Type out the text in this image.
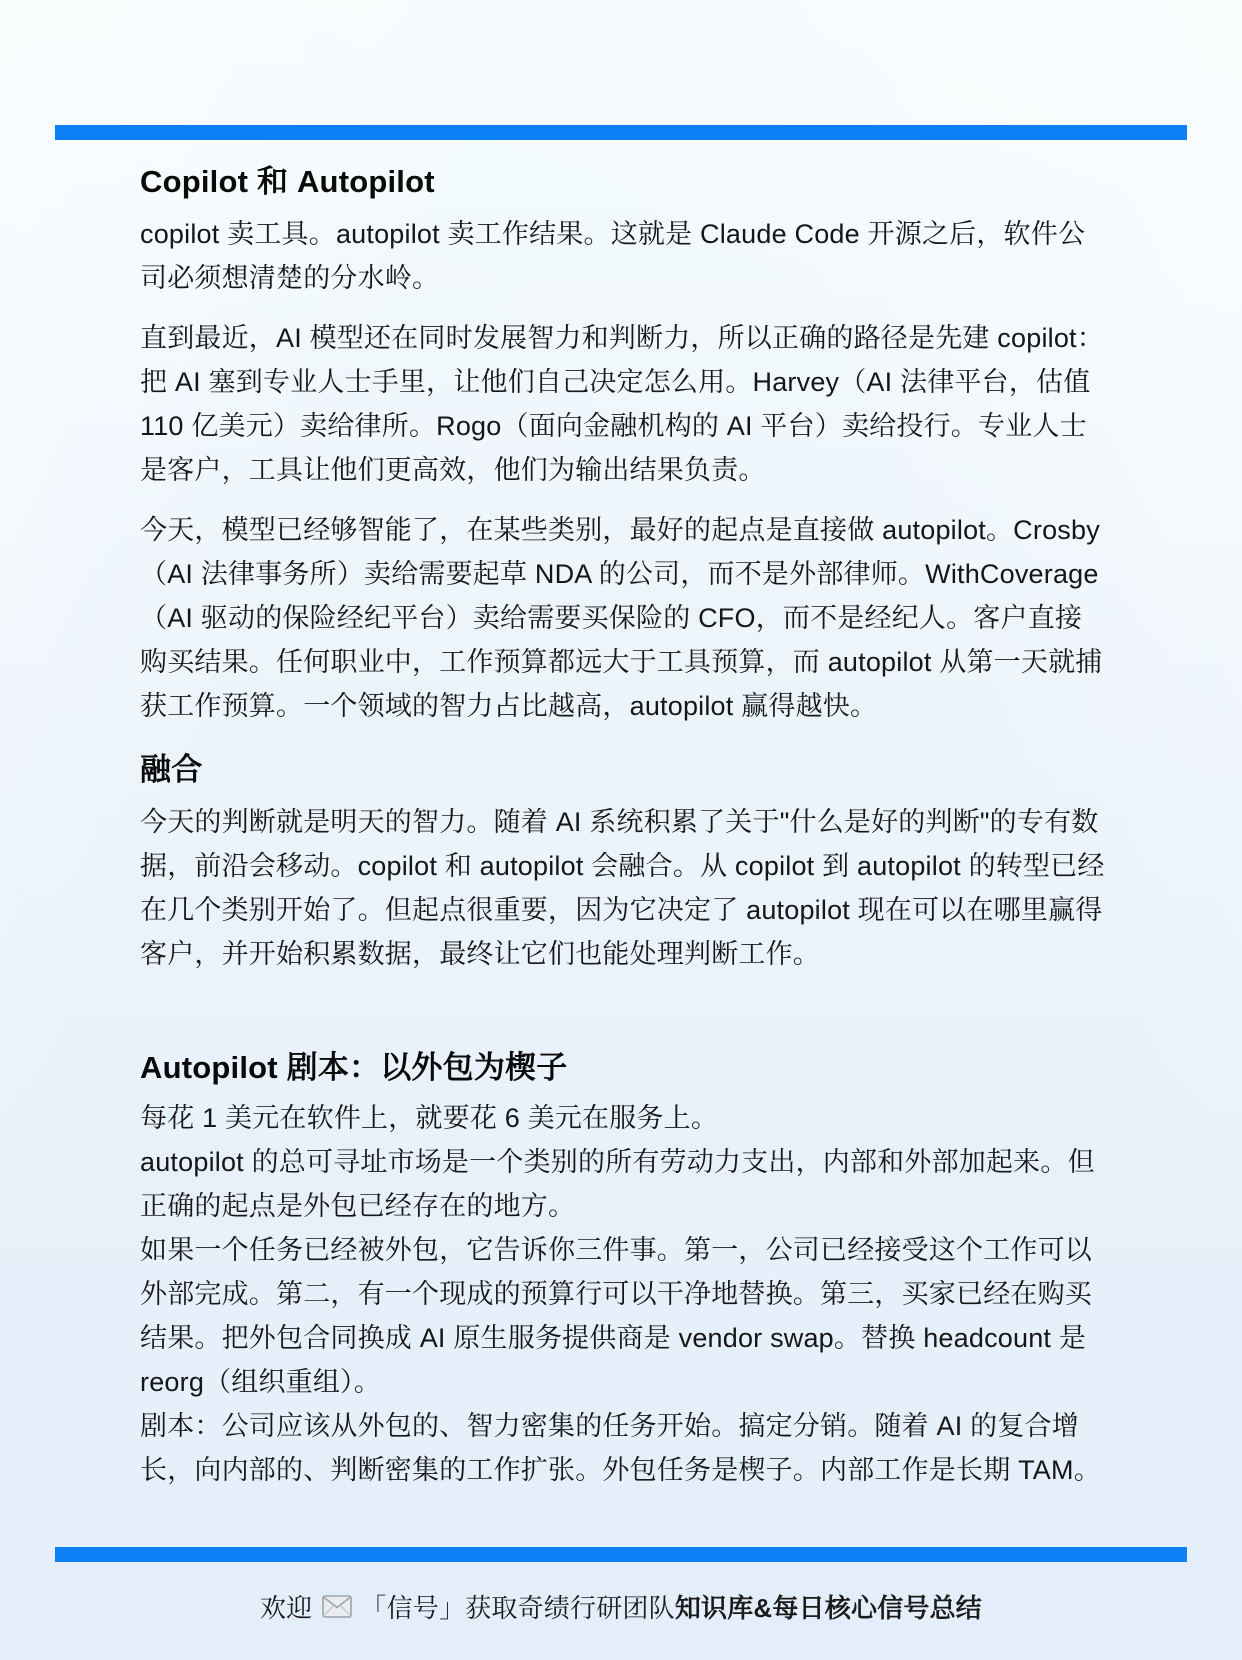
Copilot 和 Autopilot

copilot 卖工具。autopilot 卖工作结果。这就是 Claude Code 开源之后，软件公司必须想清楚的分水岭。

直到最近，AI 模型还在同时发展智力和判断力，所以正确的路径是先建 copilot：把 AI 塞到专业人士手里，让他们自己决定怎么用。Harvey（AI 法律平台，估值 110 亿美元）卖给律所。Rogo（面向金融机构的 AI 平台）卖给投行。专业人士是客户，工具让他们更高效，他们为输出结果负责。

今天，模型已经够智能了，在某些类别，最好的起点是直接做 autopilot。Crosby（AI 法律事务所）卖给需要起草 NDA 的公司，而不是外部律师。WithCoverage（AI 驱动的保险经纪平台）卖给需要买保险的 CFO，而不是经纪人。客户直接购买结果。任何职业中，工作预算都远大于工具预算，而 autopilot 从第一天就捕获工作预算。一个领域的智力占比越高，autopilot 赢得越快。

融合

今天的判断就是明天的智力。随着 AI 系统积累了关于"什么是好的判断"的专有数据，前沿会移动。copilot 和 autopilot 会融合。从 copilot 到 autopilot 的转型已经在几个类别开始了。但起点很重要，因为它决定了 autopilot 现在可以在哪里赢得客户，并开始积累数据，最终让它们也能处理判断工作。

Autopilot 剧本：以外包为楔子

每花 1 美元在软件上，就要花 6 美元在服务上。

autopilot 的总可寻址市场是一个类别的所有劳动力支出，内部和外部加起来。但正确的起点是外包已经存在的地方。

如果一个任务已经被外包，它告诉你三件事。第一，公司已经接受这个工作可以外部完成。第二，有一个现成的预算行可以干净地替换。第三，买家已经在购买结果。把外包合同换成 AI 原生服务提供商是 vendor swap。替换 headcount 是 reorg（组织重组）。

剧本：公司应该从外包的、智力密集的任务开始。搞定分销。随着 AI 的复合增长，向内部的、判断密集的工作扩张。外包任务是楔子。内部工作是长期 TAM。

欢迎 「信号」获取奇绩行研团队知识库&每日核心信号总结
